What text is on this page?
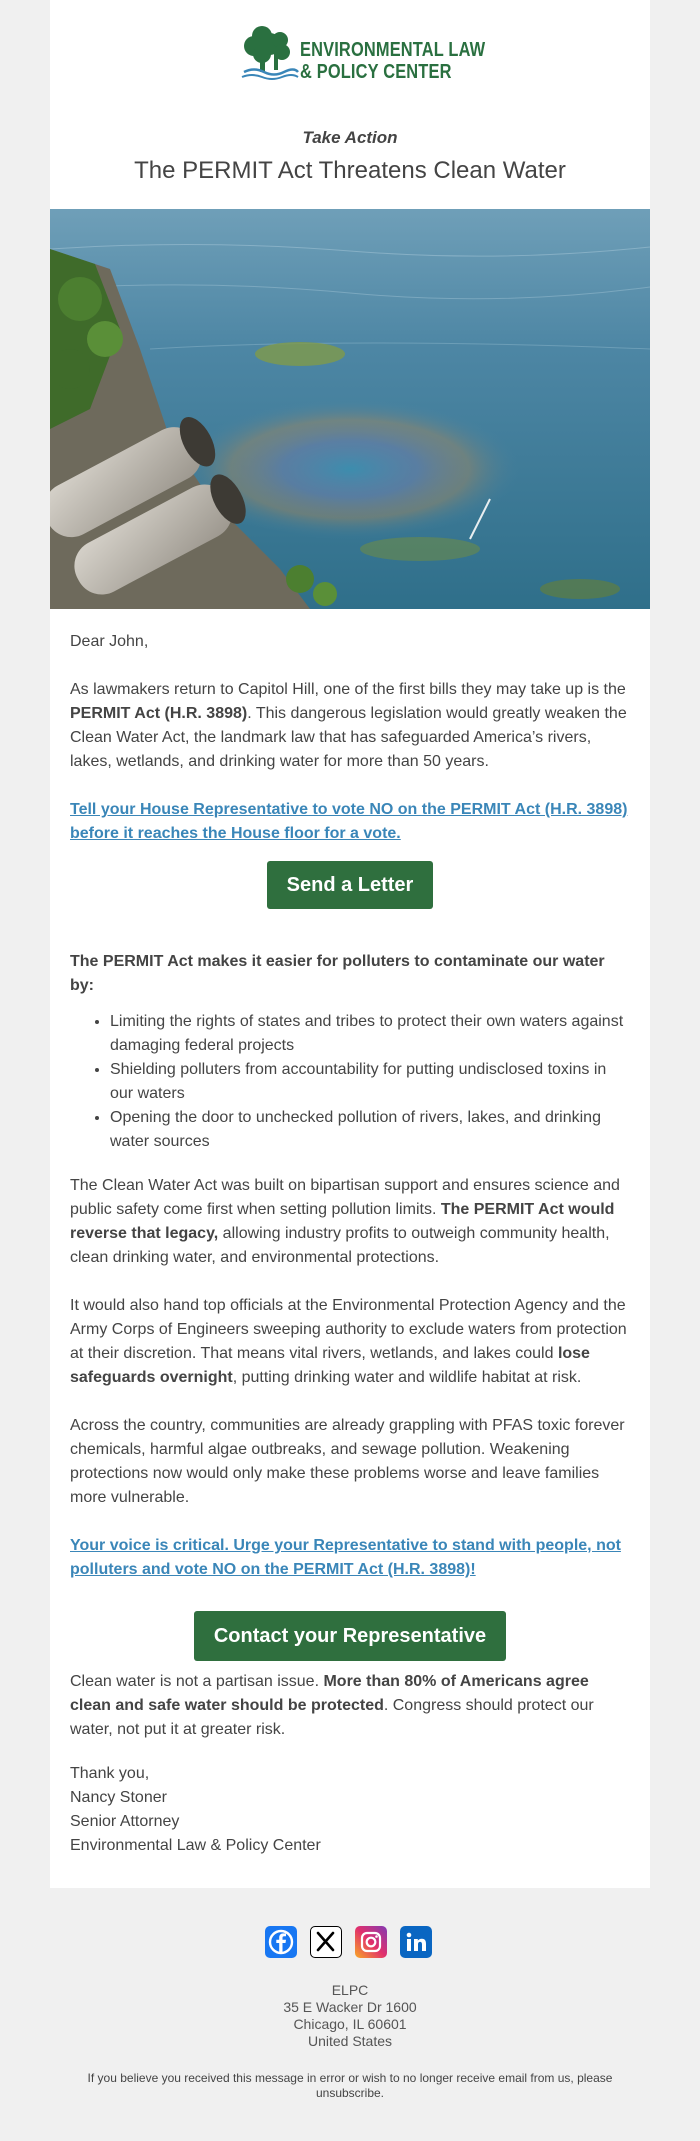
ENVIRONMENTAL LAW
& POLICY CENTER
Take Action
The PERMIT Act Threatens Clean Water

Dear John,

As lawmakers return to Capitol Hill, one of the first bills they may take up is the PERMIT Act (H.R. 3898). This dangerous legislation would greatly weaken the Clean Water Act, the landmark law that has safeguarded America’s rivers, lakes, wetlands, and drinking water for more than 50 years.

Tell your House Representative to vote NO on the PERMIT Act (H.R. 3898) before it reaches the House floor for a vote.

Send a Letter

The PERMIT Act makes it easier for polluters to contaminate our water by:

• Limiting the rights of states and tribes to protect their own waters against damaging federal projects
• Shielding polluters from accountability for putting undisclosed toxins in our waters
• Opening the door to unchecked pollution of rivers, lakes, and drinking water sources

The Clean Water Act was built on bipartisan support and ensures science and public safety come first when setting pollution limits. The PERMIT Act would reverse that legacy, allowing industry profits to outweigh community health, clean drinking water, and environmental protections.

It would also hand top officials at the Environmental Protection Agency and the Army Corps of Engineers sweeping authority to exclude waters from protection at their discretion. That means vital rivers, wetlands, and lakes could lose safeguards overnight, putting drinking water and wildlife habitat at risk.

Across the country, communities are already grappling with PFAS toxic forever chemicals, harmful algae outbreaks, and sewage pollution. Weakening protections now would only make these problems worse and leave families more vulnerable.

Your voice is critical. Urge your Representative to stand with people, not polluters and vote NO on the PERMIT Act (H.R. 3898)!

Contact your Representative

Clean water is not a partisan issue. More than 80% of Americans agree clean and safe water should be protected. Congress should protect our water, not put it at greater risk.

Thank you,
Nancy Stoner
Senior Attorney
Environmental Law & Policy Center
ELPC
35 E Wacker Dr 1600
Chicago, IL 60601
United States
If you believe you received this message in error or wish to no longer receive email from us, please unsubscribe.
